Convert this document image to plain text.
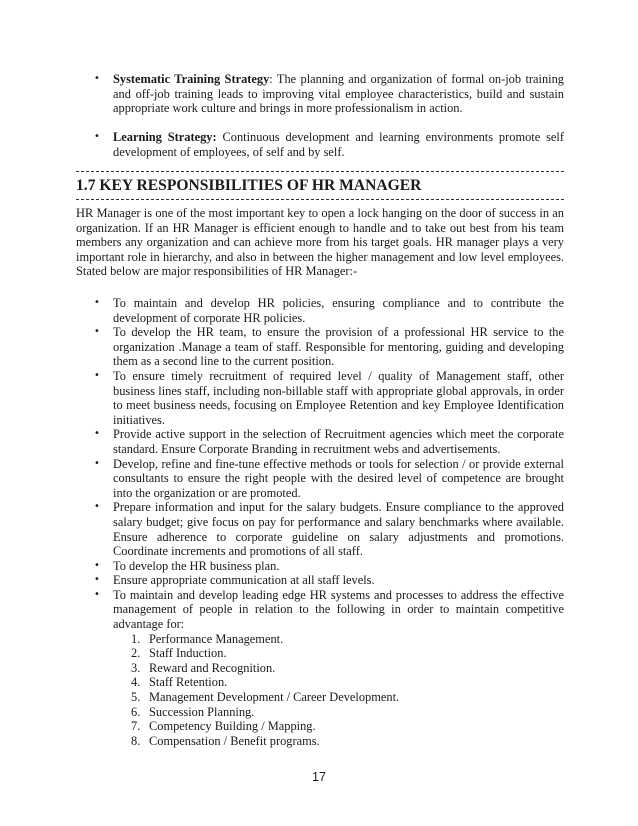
• Systematic Training Strategy: The planning and organization of formal on-job training and off-job training leads to improving vital employee characteristics, build and sustain appropriate work culture and brings in more professionalism in action.
• Learning Strategy: Continuous development and learning environments promote self development of employees, of self and by self.
1.7 KEY RESPONSIBILITIES OF HR MANAGER

HR Manager is one of the most important key to open a lock hanging on the door of success in an organization. If an HR Manager is efficient enough to handle and to take out best from his team members any organization and can achieve more from his target goals. HR manager plays a very important role in hierarchy, and also in between the higher management and low level employees. Stated below are major responsibilities of HR Manager:-

• To maintain and develop HR policies, ensuring compliance and to contribute the development of corporate HR policies.
• To develop the HR team, to ensure the provision of a professional HR service to the organization .Manage a team of staff. Responsible for mentoring, guiding and developing them as a second line to the current position.
• To ensure timely recruitment of required level / quality of Management staff, other business lines staff, including non-billable staff with appropriate global approvals, in order to meet business needs, focusing on Employee Retention and key Employee Identification initiatives.
• Provide active support in the selection of Recruitment agencies which meet the corporate standard. Ensure Corporate Branding in recruitment webs and advertisements.
• Develop, refine and fine-tune effective methods or tools for selection / or provide external consultants to ensure the right people with the desired level of competence are brought into the organization or are promoted.
• Prepare information and input for the salary budgets. Ensure compliance to the approved salary budget; give focus on pay for performance and salary benchmarks where available. Ensure adherence to corporate guideline on salary adjustments and promotions. Coordinate increments and promotions of all staff.
• To develop the HR business plan.
• Ensure appropriate communication at all staff levels.
• To maintain and develop leading edge HR systems and processes to address the effective management of people in relation to the following in order to maintain competitive advantage for:
1. Performance Management.
2. Staff Induction.
3. Reward and Recognition.
4. Staff Retention.
5. Management Development / Career Development.
6. Succession Planning.
7. Competency Building / Mapping.
8. Compensation / Benefit programs.
17
